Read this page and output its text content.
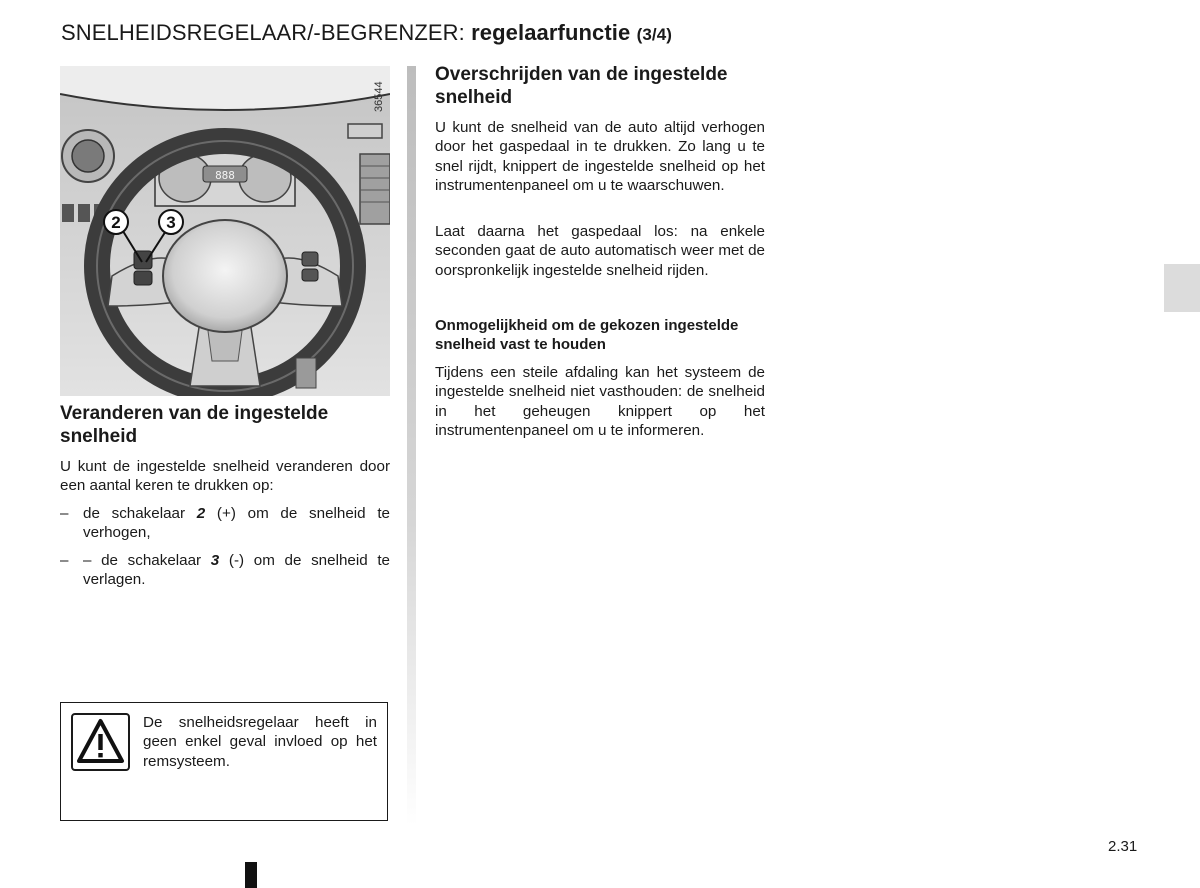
SNELHEIDSREGELAAR/-BEGRENZER: regelaarfunctie (3/4)
888
2	3
36544
Veranderen van de ingestelde snelheid
U kunt de ingestelde snelheid veranderen door een aantal keren te drukken op:
– de schakelaar 2 (+) om de snelheid te verhogen,
– – de schakelaar 3 (-) om de snelheid te verlagen.
De snelheidsregelaar heeft in geen enkel geval invloed op het remsysteem.
Overschrijden van de ingestelde snelheid
U kunt de snelheid van de auto altijd verhogen door het gaspedaal in te drukken. Zo lang u te snel rijdt, knippert de ingestelde snelheid op het instrumentenpaneel om u te waarschuwen.
Laat daarna het gaspedaal los: na enkele seconden gaat de auto automatisch weer met de oorspronkelijk ingestelde snelheid rijden.
Onmogelijkheid om de gekozen ingestelde snelheid vast te houden
Tijdens een steile afdaling kan het systeem de ingestelde snelheid niet vasthouden: de snelheid in het geheugen knippert op het instrumentenpaneel om u te informeren.
2.31
